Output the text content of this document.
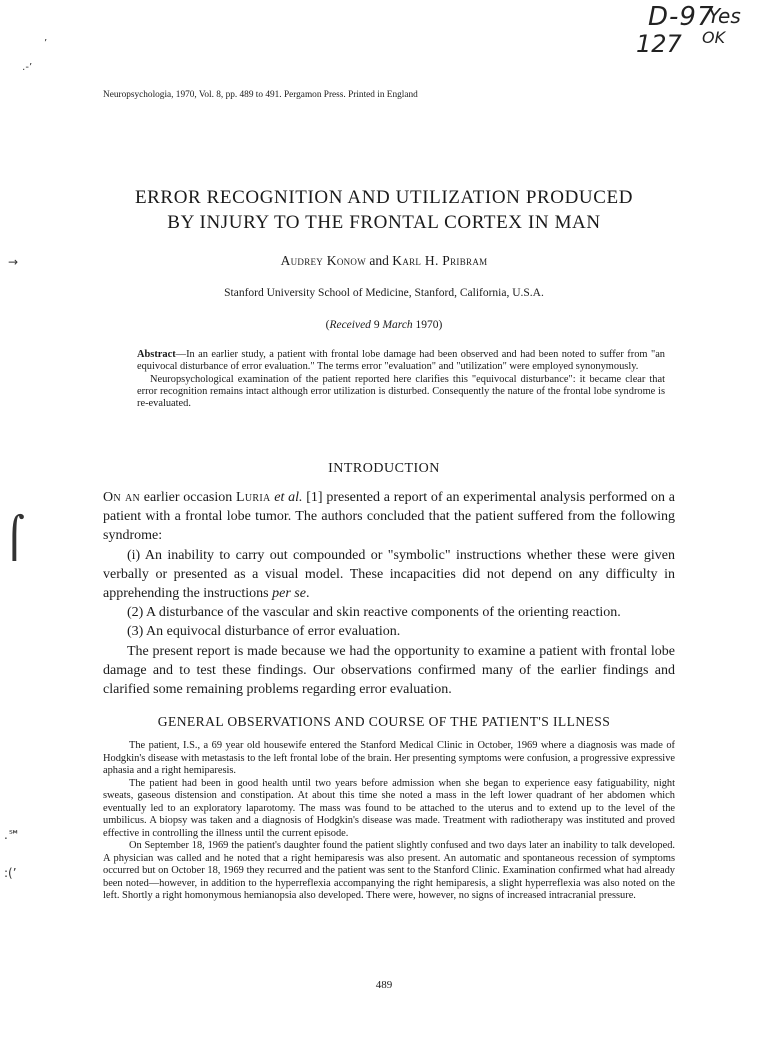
D-97
Yes
127 OK
’
․‐’
→
⌠
.℠
:(’
Neuropsychologia, 1970, Vol. 8, pp. 489 to 491. Pergamon Press. Printed in England
ERROR RECOGNITION AND UTILIZATION PRODUCED
BY INJURY TO THE FRONTAL CORTEX IN MAN
Audrey Konow and Karl H. Pribram
Stanford University School of Medicine, Stanford, California, U.S.A.
(Received 9 March 1970)

Abstract—In an earlier study, a patient with frontal lobe damage had been observed and had been noted to suffer from "an equivocal disturbance of error evaluation." The terms error "evaluation" and "utilization" were employed synonymously.

Neuropsychological examination of the patient reported here clarifies this "equivocal disturbance": it became clear that error recognition remains intact although error utilization is disturbed. Consequently the nature of the frontal lobe syndrome is re-evaluated.

INTRODUCTION

On an earlier occasion Luria et al. [1] presented a report of an experimental analysis performed on a patient with a frontal lobe tumor. The authors concluded that the patient suffered from the following syndrome:

(i) An inability to carry out compounded or "symbolic" instructions whether these were given verbally or presented as a visual model. These incapacities did not depend on any difficulty in apprehending the instructions per se.

(2) A disturbance of the vascular and skin reactive components of the orienting reaction.

(3) An equivocal disturbance of error evaluation.

The present report is made because we had the opportunity to examine a patient with frontal lobe damage and to test these findings. Our observations confirmed many of the earlier findings and clarified some remaining problems regarding error evaluation.

GENERAL OBSERVATIONS AND COURSE OF THE PATIENT'S ILLNESS

The patient, I.S., a 69 year old housewife entered the Stanford Medical Clinic in October, 1969 where a diagnosis was made of Hodgkin's disease with metastasis to the left frontal lobe of the brain. Her presenting symptoms were confusion, a progressive expressive aphasia and a right hemiparesis.

The patient had been in good health until two years before admission when she began to experience easy fatiguability, night sweats, gaseous distension and constipation. At about this time she noted a mass in the left lower quadrant of her abdomen which eventually led to an exploratory laparotomy. The mass was found to be attached to the uterus and to extend up to the level of the umbilicus. A biopsy was taken and a diagnosis of Hodgkin's disease was made. Treatment with radiotherapy was instituted and proved effective in controlling the illness until the current episode.

On September 18, 1969 the patient's daughter found the patient slightly confused and two days later an inability to talk developed. A physician was called and he noted that a right hemiparesis was also present. An automatic and spontaneous recession of symptoms occurred but on October 18, 1969 they recurred and the patient was sent to the Stanford Clinic. Examination confirmed what had already been noted—however, in addition to the hyperreflexia accompanying the right hemiparesis, a slight hyperreflexia was also noted on the left. Shortly a right homonymous hemianopsia also developed. There were, however, no signs of increased intracranial pressure.

489
